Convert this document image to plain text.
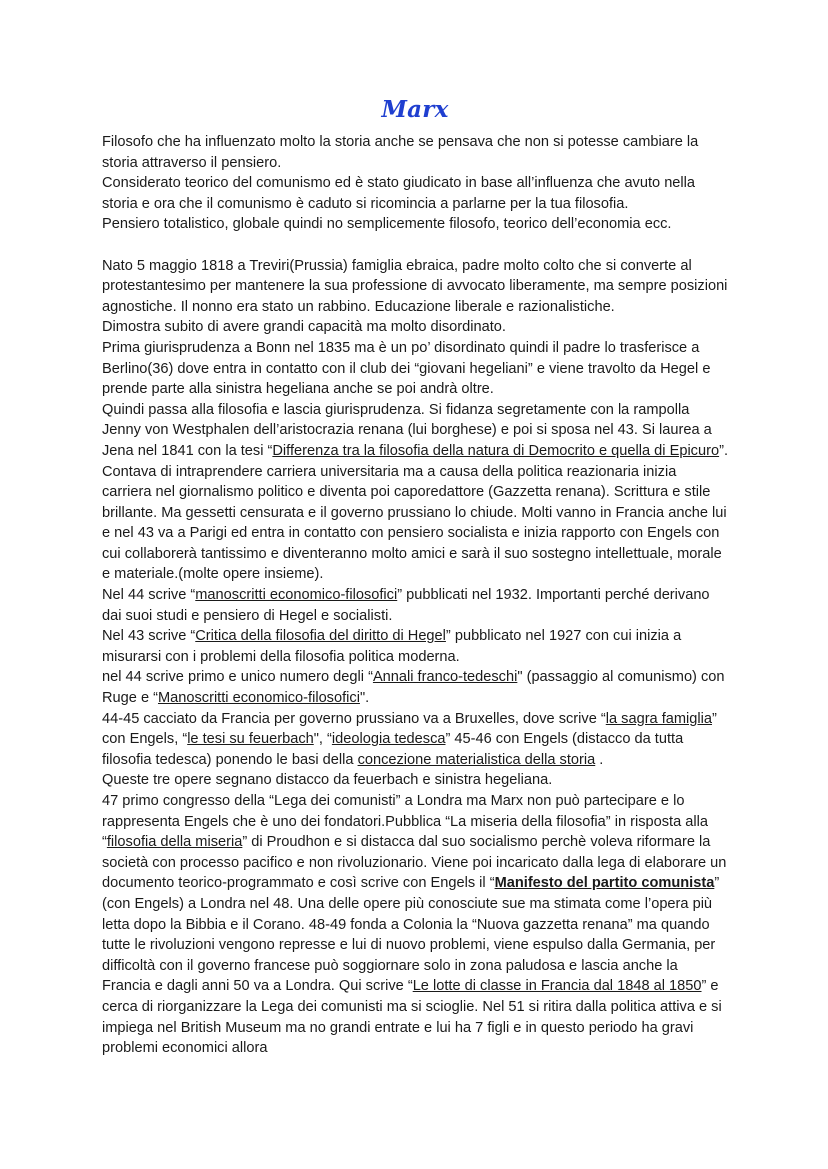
Marx

Filosofo che ha influenzato molto la storia anche se pensava che non si potesse cambiare la storia attraverso il pensiero.

Considerato teorico del comunismo ed è stato giudicato in base all’influenza che avuto nella storia e ora che il comunismo è caduto si ricomincia a parlarne per la tua filosofia.

Pensiero totalistico, globale quindi no semplicemente filosofo, teorico dell’economia ecc.

Nato 5 maggio 1818 a Treviri(Prussia) famiglia ebraica, padre molto colto che si converte al protestantesimo per mantenere la sua professione di avvocato liberamente, ma sempre posizioni agnostiche. Il nonno era stato un rabbino. Educazione liberale e razionalistiche.

Dimostra subito di avere grandi capacità ma molto disordinato.

Prima giurisprudenza a Bonn nel 1835 ma è un po’ disordinato quindi il padre lo trasferisce a Berlino(36) dove entra in contatto con il club dei “giovani hegeliani” e viene travolto da Hegel e prende parte alla sinistra hegeliana anche se poi andrà oltre.

Quindi passa alla filosofia e lascia giurisprudenza. Si fidanza segretamente con la rampolla Jenny von Westphalen dell’aristocrazia renana (lui borghese) e poi si sposa nel 43. Si laurea a Jena nel 1841 con la tesi “Differenza tra la filosofia della natura di Democrito e quella di Epicuro”.

Contava di intraprendere carriera universitaria ma a causa della politica reazionaria inizia carriera nel giornalismo politico e diventa poi caporedattore (Gazzetta renana). Scrittura e stile brillante. Ma gessetti censurata e il governo prussiano lo chiude. Molti vanno in Francia anche lui e nel 43 va a Parigi ed entra in contatto con pensiero socialista e inizia rapporto con Engels con cui collaborerà tantissimo e diventeranno molto amici e sarà il suo sostegno intellettuale, morale e materiale.(molte opere insieme).

Nel 44 scrive “manoscritti economico-filosofici” pubblicati nel 1932. Importanti perché derivano dai suoi studi e pensiero di Hegel e socialisti.

Nel 43 scrive “Critica della filosofia del diritto di Hegel” pubblicato nel 1927 con cui inizia a misurarsi con i problemi della filosofia politica moderna.

nel 44 scrive primo e unico numero degli “Annali franco-tedeschi" (passaggio al comunismo) con Ruge e “Manoscritti economico-filosofici".

44-45 cacciato da Francia per governo prussiano va a Bruxelles, dove scrive “la sagra famiglia” con Engels, “le tesi su feuerbach", “ideologia tedesca” 45-46 con Engels (distacco da tutta filosofia tedesca) ponendo le basi della concezione materialistica della storia .

Queste tre opere segnano distacco da feuerbach e sinistra hegeliana.

47 primo congresso della “Lega dei comunisti” a Londra ma Marx non può partecipare e lo rappresenta Engels che è uno dei fondatori.Pubblica “La miseria della filosofia” in risposta alla “filosofia della miseria” di Proudhon e si distacca dal suo socialismo perchè voleva riformare la società con processo pacifico e non rivoluzionario. Viene poi incaricato dalla lega di elaborare un documento teorico-programmato e così scrive con Engels il “Manifesto del partito comunista” (con Engels) a Londra nel 48. Una delle opere più conosciute sue ma stimata come l’opera più letta dopo la Bibbia e il Corano. 48-49 fonda a Colonia la “Nuova gazzetta renana” ma quando tutte le rivoluzioni vengono represse e lui di nuovo problemi, viene espulso dalla Germania, per difficoltà con il governo francese può soggiornare solo in zona paludosa e lascia anche la Francia e dagli anni 50 va a Londra. Qui scrive “Le lotte di classe in Francia dal 1848 al 1850” e cerca di riorganizzare la Lega dei comunisti ma si scioglie. Nel 51 si ritira dalla politica attiva e si impiega nel British Museum ma no grandi entrate e lui ha 7 figli e in questo periodo ha gravi problemi economici allora
